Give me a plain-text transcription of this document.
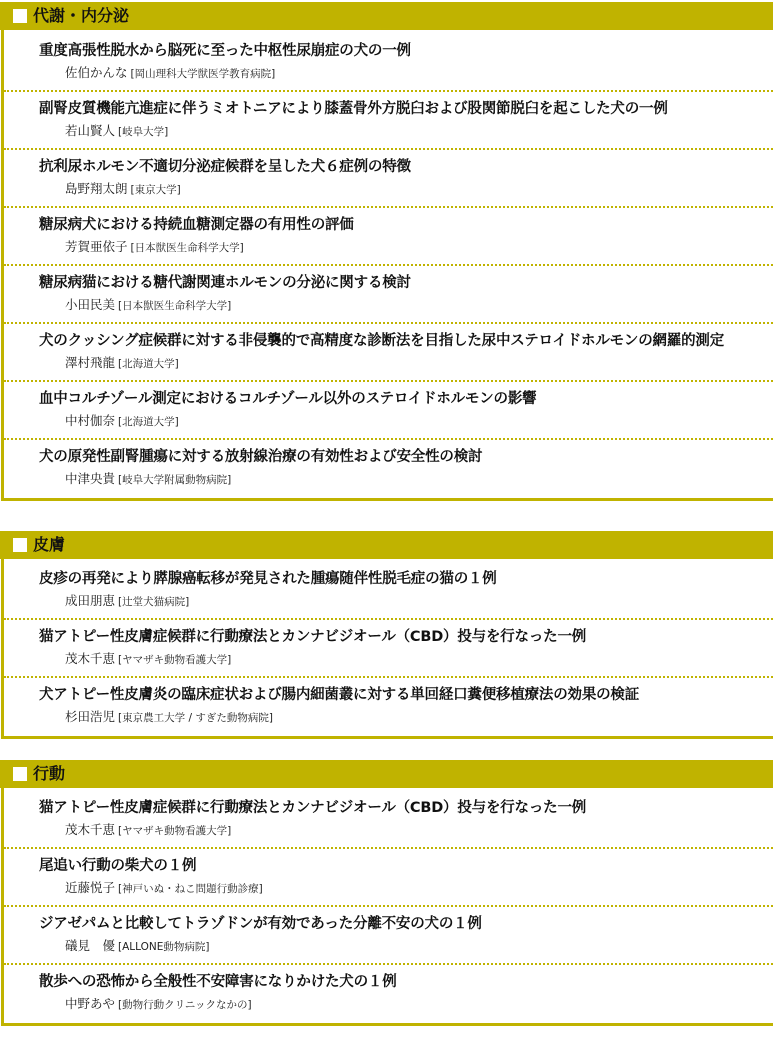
代謝・内分泌
重度高張性脱水から脳死に至った中枢性尿崩症の犬の一例
佐伯かんな [岡山理科大学獣医学教育病院]
副腎皮質機能亢進症に伴うミオトニアにより膝蓋骨外方脱臼および股関節脱臼を起こした犬の一例
若山賢人 [岐阜大学]
抗利尿ホルモン不適切分泌症候群を呈した犬６症例の特徴
島野翔太朗 [東京大学]
糖尿病犬における持続血糖測定器の有用性の評価
芳賀亜依子 [日本獣医生命科学大学]
糖尿病猫における糖代謝関連ホルモンの分泌に関する検討
小田民美 [日本獣医生命科学大学]
犬のクッシング症候群に対する非侵襲的で高精度な診断法を目指した尿中ステロイドホルモンの網羅的測定
澤村飛龍 [北海道大学]
血中コルチゾール測定におけるコルチゾール以外のステロイドホルモンの影響
中村伽奈 [北海道大学]
犬の原発性副腎腫瘍に対する放射線治療の有効性および安全性の検討
中津央貴 [岐阜大学附属動物病院]
皮膚
皮疹の再発により膵腺癌転移が発見された腫瘍随伴性脱毛症の猫の１例
成田朋恵 [辻堂犬猫病院]
猫アトピー性皮膚症候群に行動療法とカンナビジオール（CBD）投与を行なった一例
茂木千恵 [ヤマザキ動物看護大学]
犬アトピー性皮膚炎の臨床症状および腸内細菌叢に対する単回経口糞便移植療法の効果の検証
杉田浩児 [東京農工大学 / すぎた動物病院]
行動
猫アトピー性皮膚症候群に行動療法とカンナビジオール（CBD）投与を行なった一例
茂木千恵 [ヤマザキ動物看護大学]
尾追い行動の柴犬の１例
近藤悦子 [神戸いぬ・ねこ問題行動診療]
ジアゼパムと比較してトラゾドンが有効であった分離不安の犬の１例
礒見　優 [ALLONE動物病院]
散歩への恐怖から全般性不安障害になりかけた犬の１例
中野あや [動物行動クリニックなかの]
